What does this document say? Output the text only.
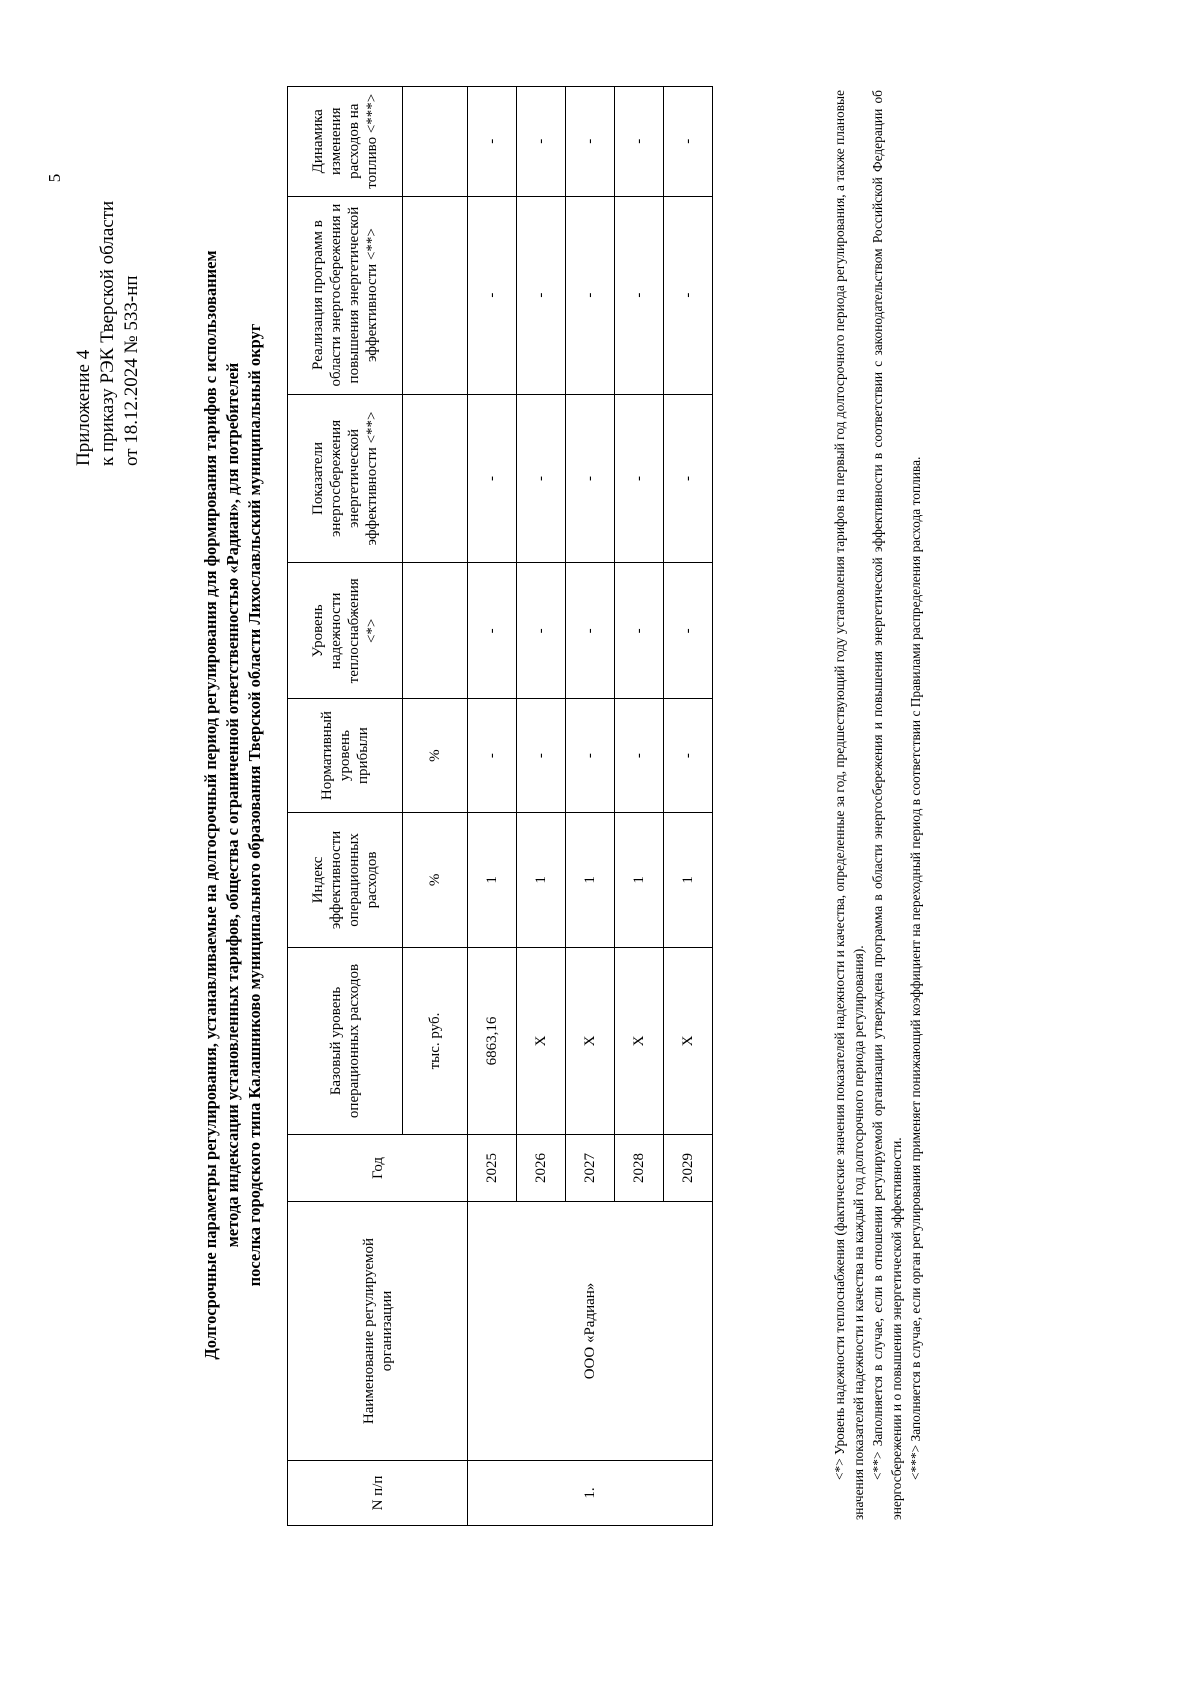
5
Приложение 4 к приказу РЭК Тверской области от 18.12.2024 № 533-нп	Долгосрочные параметры регулирования, устанавливаемые на долгосрочный период регулирования для формирования тарифов с использованием метода индексации установленных тарифов, общества с ограниченной ответственностью «Радиан», для потребителей поселка городского типа Калашниково муниципального образования Тверской области Лихославльский муниципальный округ
N п/п	Наименование регулируемой организации	Год	Базовый уровень операционных расходов	Индекс эффективности операционных расходов	Нормативный уровень прибыли	Уровень надежности теплоснабжения <*>	Показатели энергосбережения энергетической эффективности <**>	Реализация программ в области энергосбережения и повышения энергетической эффективности <**>	Динамика изменения расходов на топливо <***>
			тыс. руб.	%	%				
1.	ООО «Радиан»	2025	6863,16	1	-	-	-	-	-
		2026	Х	1	-	-	-	-	-
		2027	Х	1	-	-	-	-	-
		2028	Х	1	-	-	-	-	-
		2029	Х	1	-	-	-	-	-	<*> Уровень надежности теплоснабжения (фактические значения показателей надежности и качества, определенные за год, предшествующий году установления тарифов на первый год долгосрочного периода регулирования, а также плановые значения показателей надежности и качества на каждый год долгосрочного периода регулирования). <**> Заполняется в случае, если в отношении регулируемой организации утверждена программа в области энергосбережения и повышения энергетической эффективности в соответствии с законодательством Российской Федерации об энергосбережении и о повышении энергетической эффективности. <***> Заполняется в случае, если орган регулирования применяет понижающий коэффициент на переходный период в соответствии с Правилами распределения расхода топлива.
